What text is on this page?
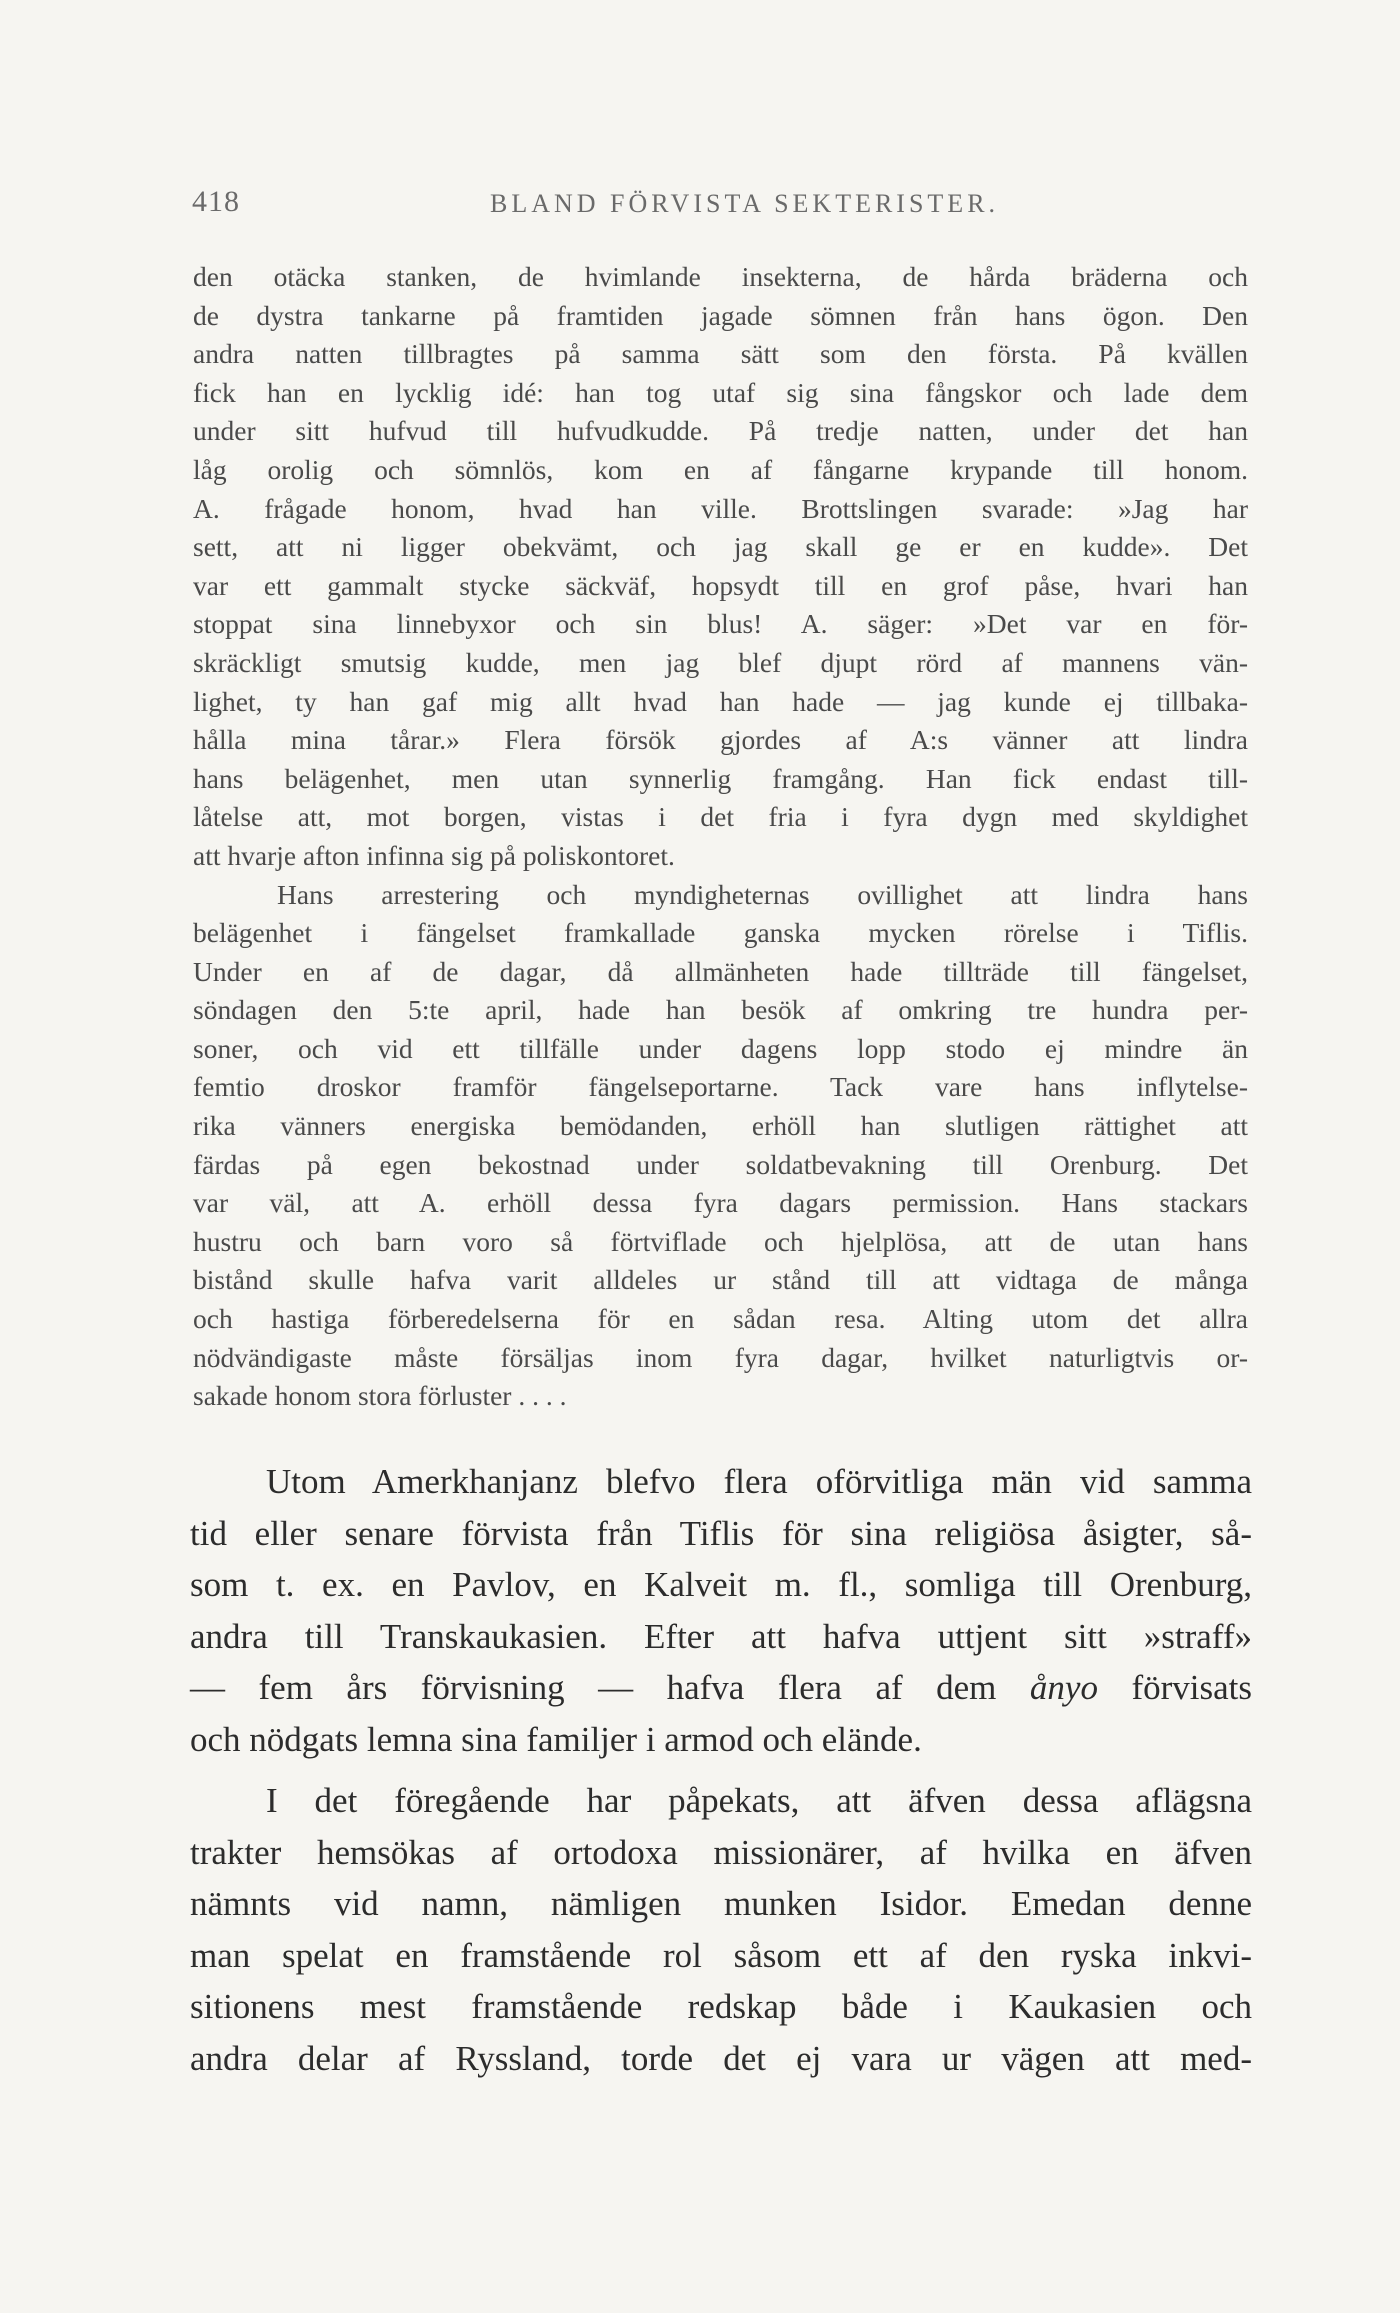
418	BLAND FÖRVISTA SEKTERISTER.
den otäcka stanken, de hvimlande insekterna, de hårda bräderna och
de dystra tankarne på framtiden jagade sömnen från hans ögon. Den
andra natten tillbragtes på samma sätt som den första. På kvällen
fick han en lycklig idé: han tog utaf sig sina fångskor och lade dem
under sitt hufvud till hufvudkudde. På tredje natten, under det han
låg orolig och sömnlös, kom en af fångarne krypande till honom.
A. frågade honom, hvad han ville. Brottslingen svarade: »Jag har
sett, att ni ligger obekvämt, och jag skall ge er en kudde». Det
var ett gammalt stycke säckväf, hopsydt till en grof påse, hvari han
stoppat sina linnebyxor och sin blus! A. säger: »Det var en för-
skräckligt smutsig kudde, men jag blef djupt rörd af mannens vän-
lighet, ty han gaf mig allt hvad han hade — jag kunde ej tillbaka-
hålla mina tårar.» Flera försök gjordes af A:s vänner att lindra
hans belägenhet, men utan synnerlig framgång. Han fick endast till-
låtelse att, mot borgen, vistas i det fria i fyra dygn med skyldighet
att hvarje afton infinna sig på poliskontoret.
Hans arrestering och myndigheternas ovillighet att lindra hans
belägenhet i fängelset framkallade ganska mycken rörelse i Tiflis.
Under en af de dagar, då allmänheten hade tillträde till fängelset,
söndagen den 5:te april, hade han besök af omkring tre hundra per-
soner, och vid ett tillfälle under dagens lopp stodo ej mindre än
femtio droskor framför fängelseportarne. Tack vare hans inflytelse-
rika vänners energiska bemödanden, erhöll han slutligen rättighet att
färdas på egen bekostnad under soldatbevakning till Orenburg. Det
var väl, att A. erhöll dessa fyra dagars permission. Hans stackars
hustru och barn voro så förtviflade och hjelplösa, att de utan hans
bistånd skulle hafva varit alldeles ur stånd till att vidtaga de många
och hastiga förberedelserna för en sådan resa. Alting utom det allra
nödvändigaste måste försäljas inom fyra dagar, hvilket naturligtvis or-
sakade honom stora förluster . . . .
Utom Amerkhanjanz blefvo flera oförvitliga män vid samma
tid eller senare förvista från Tiflis för sina religiösa åsigter, så-
som t. ex. en Pavlov, en Kalveit m. fl., somliga till Orenburg,
andra till Transkaukasien. Efter att hafva uttjent sitt »straff»
— fem års förvisning — hafva flera af dem ånyo förvisats
och nödgats lemna sina familjer i armod och elände.
I det föregående har påpekats, att äfven dessa aflägsna
trakter hemsökas af ortodoxa missionärer, af hvilka en äfven
nämnts vid namn, nämligen munken Isidor. Emedan denne
man spelat en framstående rol såsom ett af den ryska inkvi-
sitionens mest framstående redskap både i Kaukasien och
andra delar af Ryssland, torde det ej vara ur vägen att med-
